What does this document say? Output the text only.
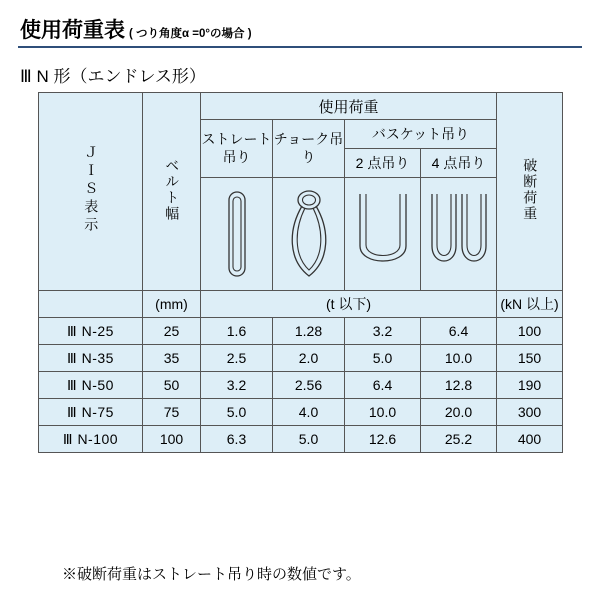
使用荷重表 ( つり角度α =0°の場合 )
Ⅲ N 形（エンドレス形）
ＪＩＳ表示	ベルト幅	使用荷重				破断荷重
		ストレート吊り	チョーク吊り	バスケット吊り		
				2 点吊り	4 点吊り	

	(mm)	(t 以下)				(kN 以上)
Ⅲ N-25	25	1.6	1.28	3.2	6.4	100
Ⅲ N-35	35	2.5	2.0	5.0	10.0	150
Ⅲ N-50	50	3.2	2.56	6.4	12.8	190
Ⅲ N-75	75	5.0	4.0	10.0	20.0	300
Ⅲ N-100	100	6.3	5.0	12.6	25.2	400
※破断荷重はストレート吊り時の数値です。
